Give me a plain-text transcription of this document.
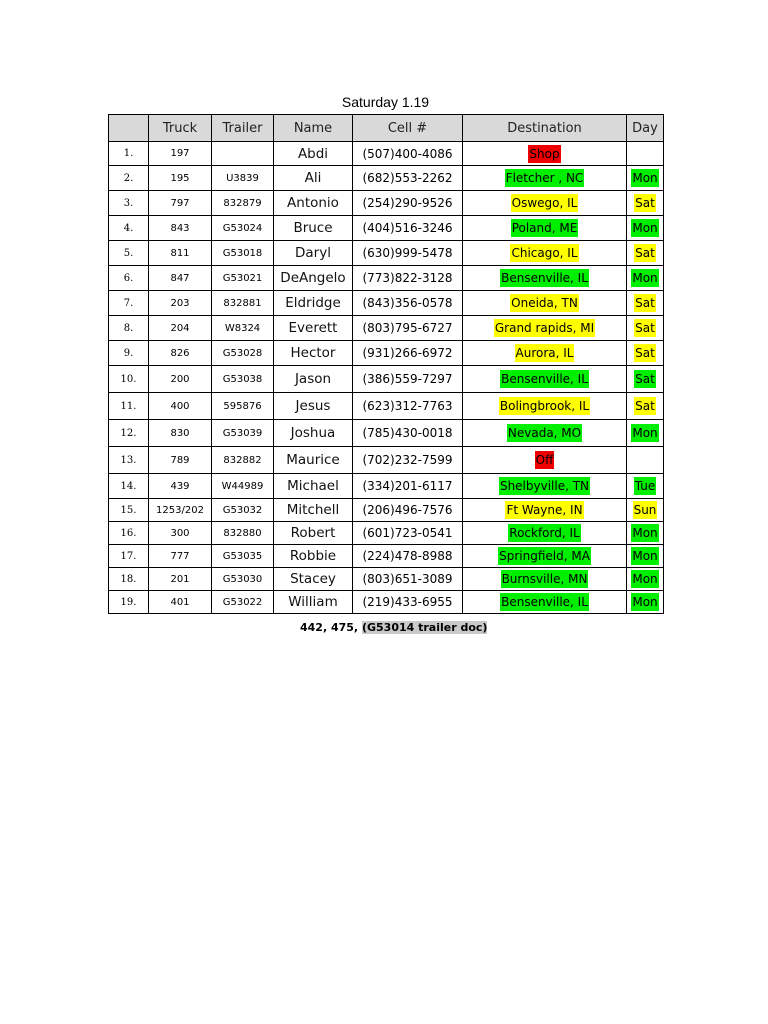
Saturday 1.19
	Truck	Trailer	Name	Cell #	Destination	Day
1.	197		Abdi	(507)400-4086	Shop	
2.	195	U3839	Ali	(682)553-2262	Fletcher , NC	Mon
3.	797	832879	Antonio	(254)290-9526	Oswego, IL	Sat
4.	843	G53024	Bruce	(404)516-3246	Poland, ME	Mon
5.	811	G53018	Daryl	(630)999-5478	Chicago, IL	Sat
6.	847	G53021	DeAngelo	(773)822-3128	Bensenville, IL	Mon
7.	203	832881	Eldridge	(843)356-0578	Oneida, TN	Sat
8.	204	W8324	Everett	(803)795-6727	Grand rapids, MI	Sat
9.	826	G53028	Hector	(931)266-6972	Aurora, IL	Sat
10.	200	G53038	Jason	(386)559-7297	Bensenville, IL	Sat
11.	400	595876	Jesus	(623)312-7763	Bolingbrook, IL	Sat
12.	830	G53039	Joshua	(785)430-0018	Nevada, MO	Mon
13.	789	832882	Maurice	(702)232-7599	Off	
14.	439	W44989	Michael	(334)201-6117	Shelbyville, TN	Tue
15.	1253/202	G53032	Mitchell	(206)496-7576	Ft Wayne, IN	Sun
16.	300	832880	Robert	(601)723-0541	Rockford, IL	Mon
17.	777	G53035	Robbie	(224)478-8988	Springfield, MA	Mon
18.	201	G53030	Stacey	(803)651-3089	Burnsville, MN	Mon
19.	401	G53022	William	(219)433-6955	Bensenville, IL	Mon
442, 475, (G53014 trailer doc)
